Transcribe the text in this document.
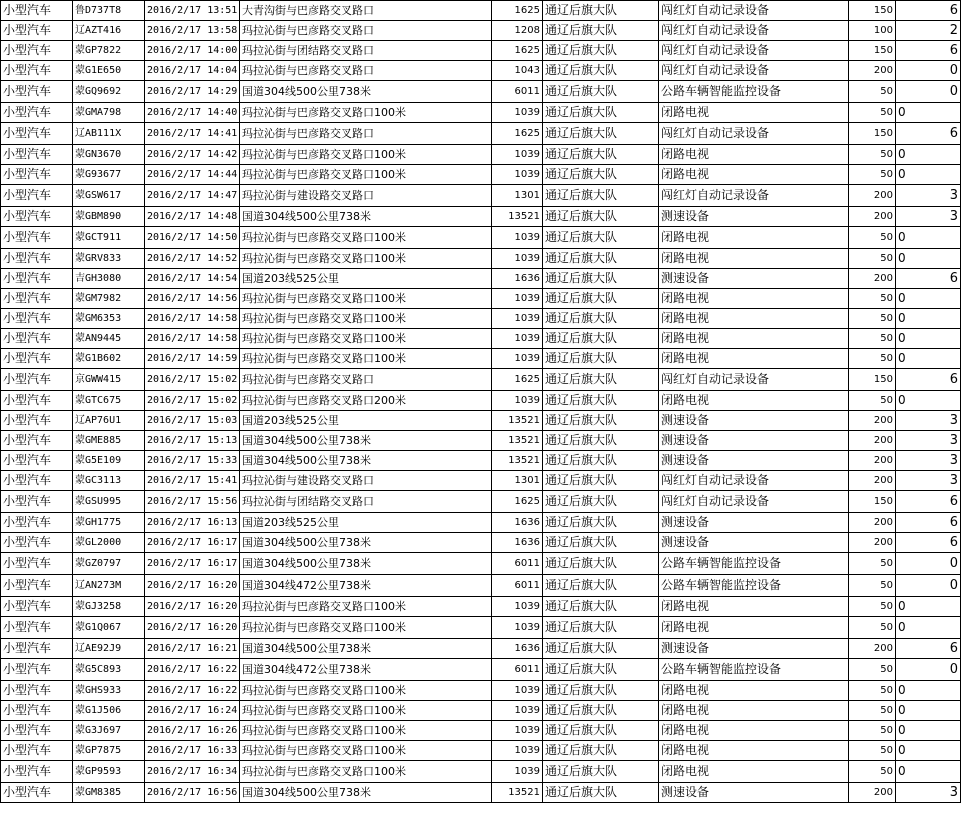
小型汽车	鲁D737T8	2016/2/17 13:51	大青沟街与巴彦路交叉路口	1625	通辽后旗大队	闯红灯自动记录设备	150	6
小型汽车	辽AZT416	2016/2/17 13:58	玛拉沁街与巴彦路交叉路口	1208	通辽后旗大队	闯红灯自动记录设备	100	2
小型汽车	蒙GP7822	2016/2/17 14:00	玛拉沁街与团结路交叉路口	1625	通辽后旗大队	闯红灯自动记录设备	150	6
小型汽车	蒙G1E650	2016/2/17 14:04	玛拉沁街与巴彦路交叉路口	1043	通辽后旗大队	闯红灯自动记录设备	200	0
小型汽车	蒙GQ9692	2016/2/17 14:29	国道304线500公里738米	6011	通辽后旗大队	公路车辆智能监控设备	50	0
小型汽车	蒙GMA798	2016/2/17 14:40	玛拉沁街与巴彦路交叉路口100米	1039	通辽后旗大队	闭路电视	50	0
小型汽车	辽AB111X	2016/2/17 14:41	玛拉沁街与巴彦路交叉路口	1625	通辽后旗大队	闯红灯自动记录设备	150	6
小型汽车	蒙GN3670	2016/2/17 14:42	玛拉沁街与巴彦路交叉路口100米	1039	通辽后旗大队	闭路电视	50	0
小型汽车	蒙G93677	2016/2/17 14:44	玛拉沁街与巴彦路交叉路口100米	1039	通辽后旗大队	闭路电视	50	0
小型汽车	蒙GSW617	2016/2/17 14:47	玛拉沁街与建设路交叉路口	1301	通辽后旗大队	闯红灯自动记录设备	200	3
小型汽车	蒙GBM890	2016/2/17 14:48	国道304线500公里738米	13521	通辽后旗大队	测速设备	200	3
小型汽车	蒙GCT911	2016/2/17 14:50	玛拉沁街与巴彦路交叉路口100米	1039	通辽后旗大队	闭路电视	50	0
小型汽车	蒙GRV833	2016/2/17 14:52	玛拉沁街与巴彦路交叉路口100米	1039	通辽后旗大队	闭路电视	50	0
小型汽车	吉GH3080	2016/2/17 14:54	国道203线525公里	1636	通辽后旗大队	测速设备	200	6
小型汽车	蒙GM7982	2016/2/17 14:56	玛拉沁街与巴彦路交叉路口100米	1039	通辽后旗大队	闭路电视	50	0
小型汽车	蒙GM6353	2016/2/17 14:58	玛拉沁街与巴彦路交叉路口100米	1039	通辽后旗大队	闭路电视	50	0
小型汽车	蒙AN9445	2016/2/17 14:58	玛拉沁街与巴彦路交叉路口100米	1039	通辽后旗大队	闭路电视	50	0
小型汽车	蒙G1B602	2016/2/17 14:59	玛拉沁街与巴彦路交叉路口100米	1039	通辽后旗大队	闭路电视	50	0
小型汽车	京GWW415	2016/2/17 15:02	玛拉沁街与巴彦路交叉路口	1625	通辽后旗大队	闯红灯自动记录设备	150	6
小型汽车	蒙GTC675	2016/2/17 15:02	玛拉沁街与巴彦路交叉路口200米	1039	通辽后旗大队	闭路电视	50	0
小型汽车	辽AP76U1	2016/2/17 15:03	国道203线525公里	13521	通辽后旗大队	测速设备	200	3
小型汽车	蒙GME885	2016/2/17 15:13	国道304线500公里738米	13521	通辽后旗大队	测速设备	200	3
小型汽车	蒙G5E109	2016/2/17 15:33	国道304线500公里738米	13521	通辽后旗大队	测速设备	200	3
小型汽车	蒙GC3113	2016/2/17 15:41	玛拉沁街与建设路交叉路口	1301	通辽后旗大队	闯红灯自动记录设备	200	3
小型汽车	蒙GSU995	2016/2/17 15:56	玛拉沁街与团结路交叉路口	1625	通辽后旗大队	闯红灯自动记录设备	150	6
小型汽车	蒙GH1775	2016/2/17 16:13	国道203线525公里	1636	通辽后旗大队	测速设备	200	6
小型汽车	蒙GL2000	2016/2/17 16:17	国道304线500公里738米	1636	通辽后旗大队	测速设备	200	6
小型汽车	蒙GZ0797	2016/2/17 16:17	国道304线500公里738米	6011	通辽后旗大队	公路车辆智能监控设备	50	0
小型汽车	辽AN273M	2016/2/17 16:20	国道304线472公里738米	6011	通辽后旗大队	公路车辆智能监控设备	50	0
小型汽车	蒙GJ3258	2016/2/17 16:20	玛拉沁街与巴彦路交叉路口100米	1039	通辽后旗大队	闭路电视	50	0
小型汽车	蒙G1Q067	2016/2/17 16:20	玛拉沁街与巴彦路交叉路口100米	1039	通辽后旗大队	闭路电视	50	0
小型汽车	辽AE92J9	2016/2/17 16:21	国道304线500公里738米	1636	通辽后旗大队	测速设备	200	6
小型汽车	蒙G5C893	2016/2/17 16:22	国道304线472公里738米	6011	通辽后旗大队	公路车辆智能监控设备	50	0
小型汽车	蒙GHS933	2016/2/17 16:22	玛拉沁街与巴彦路交叉路口100米	1039	通辽后旗大队	闭路电视	50	0
小型汽车	蒙G1J506	2016/2/17 16:24	玛拉沁街与巴彦路交叉路口100米	1039	通辽后旗大队	闭路电视	50	0
小型汽车	蒙G3J697	2016/2/17 16:26	玛拉沁街与巴彦路交叉路口100米	1039	通辽后旗大队	闭路电视	50	0
小型汽车	蒙GP7875	2016/2/17 16:33	玛拉沁街与巴彦路交叉路口100米	1039	通辽后旗大队	闭路电视	50	0
小型汽车	蒙GP9593	2016/2/17 16:34	玛拉沁街与巴彦路交叉路口100米	1039	通辽后旗大队	闭路电视	50	0
小型汽车	蒙GM8385	2016/2/17 16:56	国道304线500公里738米	13521	通辽后旗大队	测速设备	200	3
